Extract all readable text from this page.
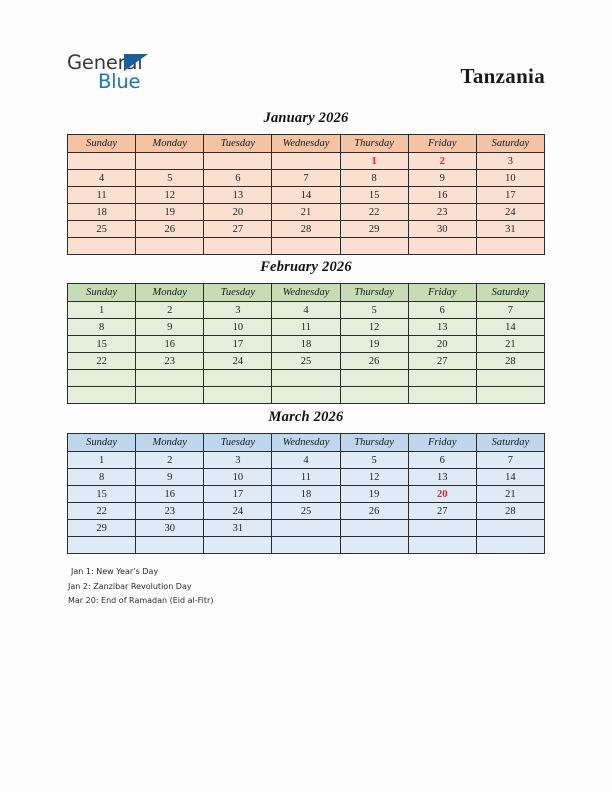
General
Blue	Tanzania
January 2026
Sunday	Monday	Tuesday	Wednesday	Thursday	Friday	Saturday
				1	2	3
4	5	6	7	8	9	10
11	12	13	14	15	16	17
18	19	20	21	22	23	24
25	26	27	28	29	30	31

February 2026
Sunday	Monday	Tuesday	Wednesday	Thursday	Friday	Saturday
1	2	3	4	5	6	7
8	9	10	11	12	13	14
15	16	17	18	19	20	21
22	23	24	25	26	27	28

March 2026
Sunday	Monday	Tuesday	Wednesday	Thursday	Friday	Saturday
1	2	3	4	5	6	7
8	9	10	11	12	13	14
15	16	17	18	19	20	21
22	23	24	25	26	27	28
29	30	31				

Jan 1: New Year’s Day
Jan 2: Zanzibar Revolution Day
Mar 20: End of Ramadan (Eid al-Fitr)
